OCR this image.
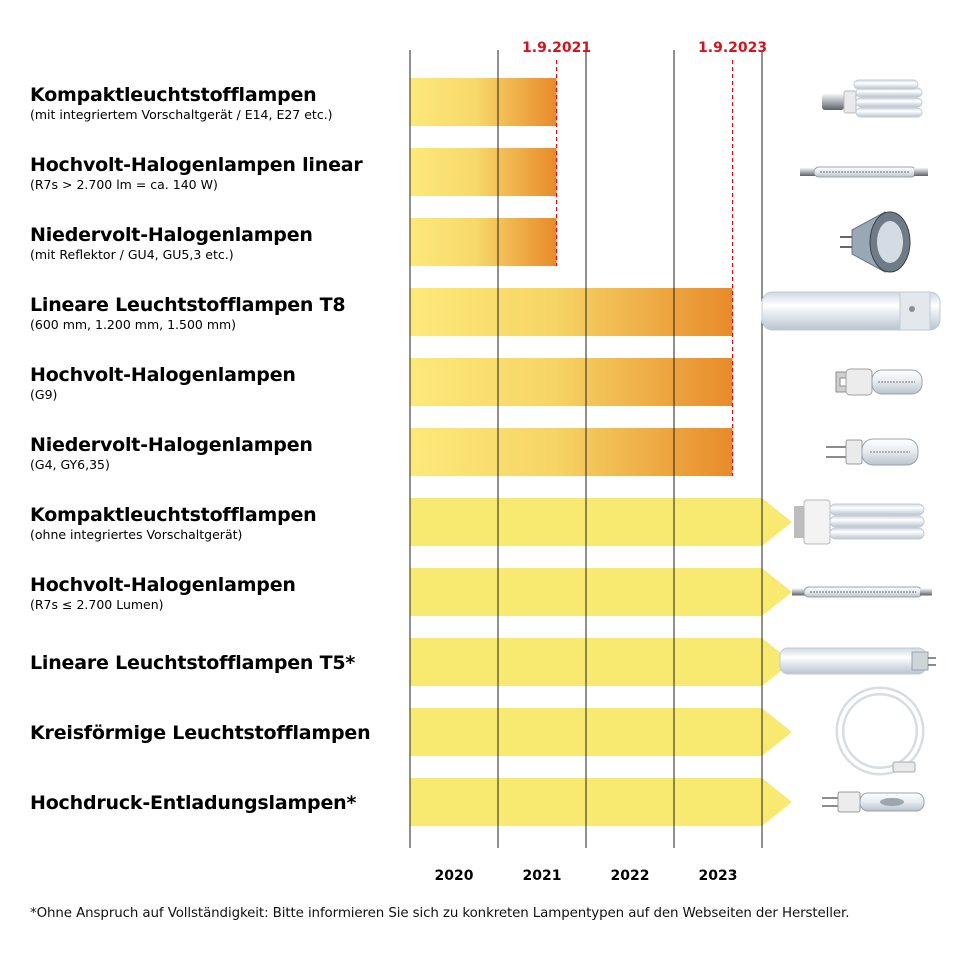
1.9.2021	1.9.2023
Kompaktleuchtstofflampen
(mit integriertem Vorschaltgerät / E14, E27 etc.)
Hochvolt-Halogenlampen linear
(R7s > 2.700 lm = ca. 140 W)
Niedervolt-Halogenlampen
(mit Reflektor / GU4, GU5,3 etc.)
Lineare Leuchtstofflampen T8
(600 mm, 1.200 mm, 1.500 mm)
Hochvolt-Halogenlampen
(G9)
Niedervolt-Halogenlampen
(G4, GY6,35)
Kompaktleuchtstofflampen
(ohne integriertes Vorschaltgerät)
Hochvolt-Halogenlampen
(R7s ≤ 2.700 Lumen)
Lineare Leuchtstofflampen T5*
Kreisförmige Leuchtstofflampen
Hochdruck-Entladungslampen*
2020	2021	2022	2023
*Ohne Anspruch auf Vollständigkeit: Bitte informieren Sie sich zu konkreten Lampentypen auf den Webseiten der Hersteller.
